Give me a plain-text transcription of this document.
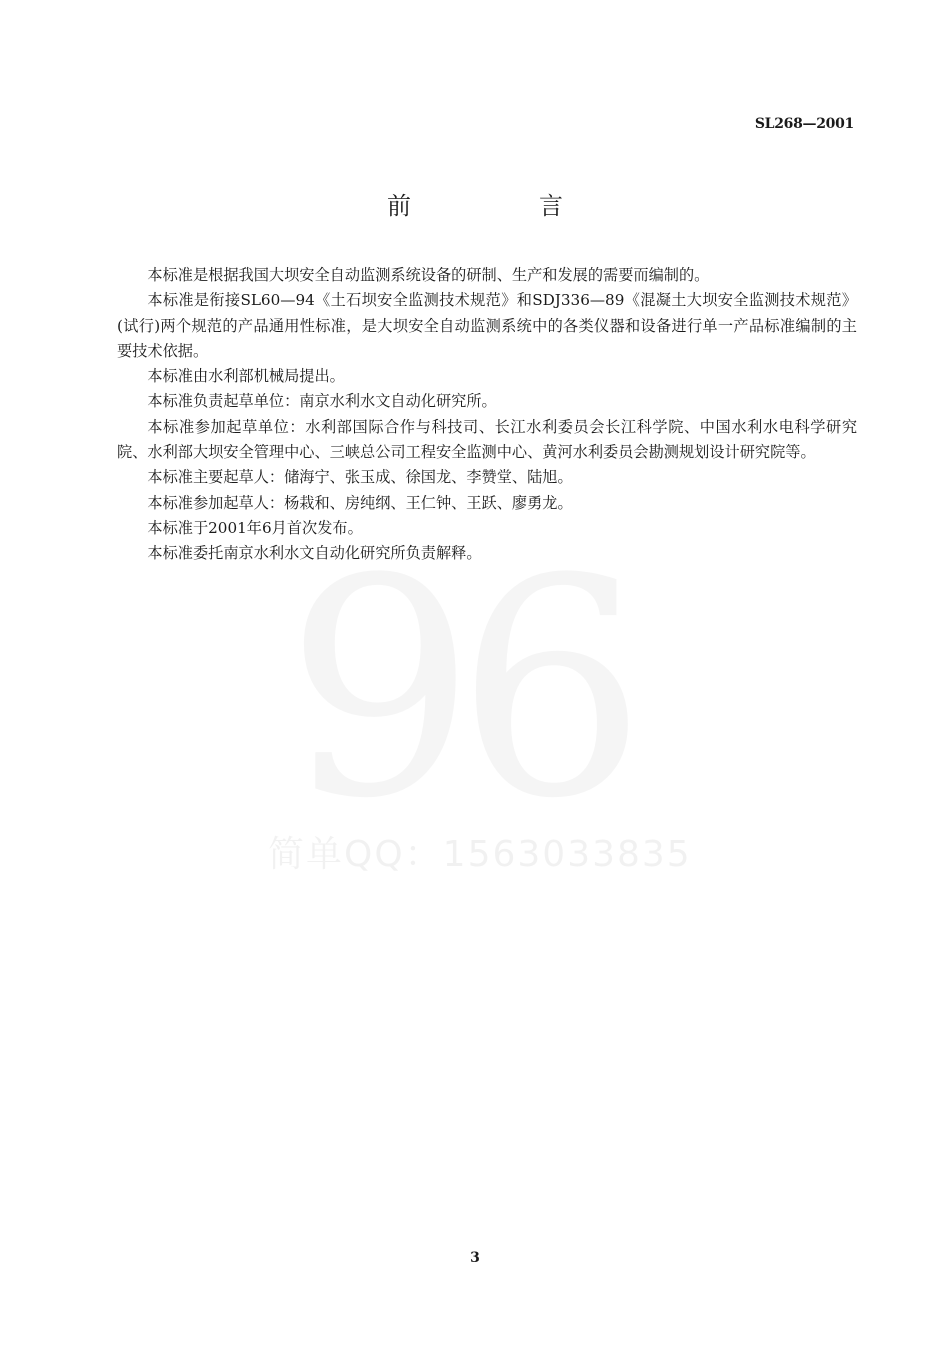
简单QQ：1563033835
SL268—2001
前　言

本标准是根据我国大坝安全自动监测系统设备的研制、生产和发展的需要而编制的。

本标准是衔接SL60—94《土石坝安全监测技术规范》和SDJ336—89《混凝土大坝安全监测技术规范》(试行)两个规范的产品通用性标准，是大坝安全自动监测系统中的各类仪器和设备进行单一产品标准编制的主要技术依据。

本标准由水利部机械局提出。

本标准负责起草单位：南京水利水文自动化研究所。

本标准参加起草单位：水利部国际合作与科技司、长江水利委员会长江科学院、中国水利水电科学研究院、水利部大坝安全管理中心、三峡总公司工程安全监测中心、黄河水利委员会勘测规划设计研究院等。

本标准主要起草人：储海宁、张玉成、徐国龙、李赞堂、陆旭。

本标准参加起草人：杨栽和、房纯纲、王仁钟、王跃、廖勇龙。

本标准于2001年6月首次发布。

本标准委托南京水利水文自动化研究所负责解释。

3
